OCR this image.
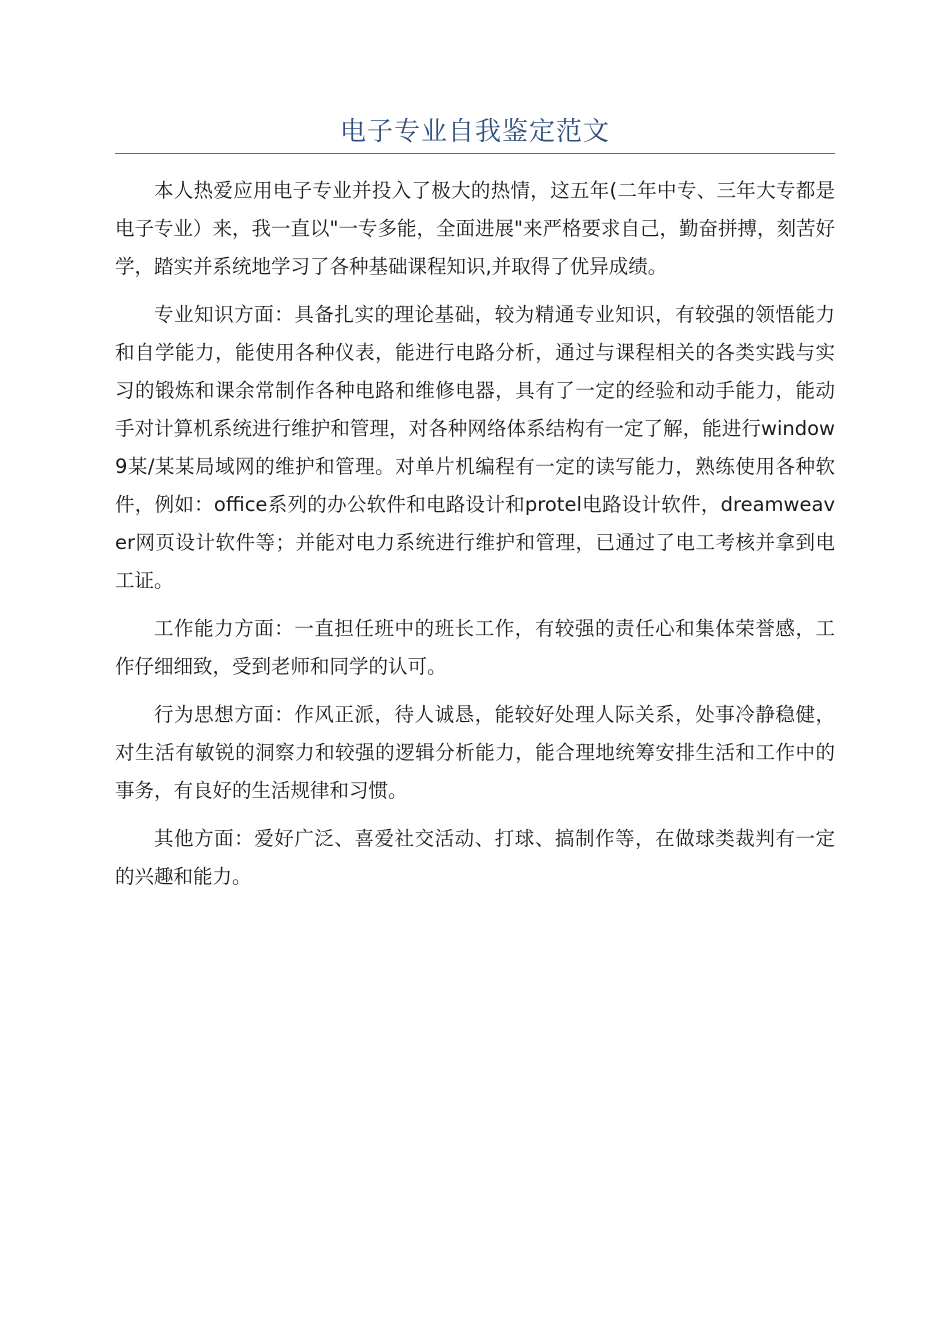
电子专业自我鉴定范文

本人热爱应用电子专业并投入了极大的热情，这五年(二年中专、三年大专都是电子专业）来，我一直以"一专多能，全面进展"来严格要求自己，勤奋拼搏，刻苦好学，踏实并系统地学习了各种基础课程知识,并取得了优异成绩。

专业知识方面：具备扎实的理论基础，较为精通专业知识，有较强的领悟能力和自学能力，能使用各种仪表，能进行电路分析，通过与课程相关的各类实践与实习的锻炼和课余常制作各种电路和维修电器，具有了一定的经验和动手能力，能动手对计算机系统进行维护和管理，对各种网络体系结构有一定了解，能进行window9某/某某局域网的维护和管理。对单片机编程有一定的读写能力，熟练使用各种软件，例如：office系列的办公软件和电路设计和protel电路设计软件，dreamweaver网页设计软件等；并能对电力系统进行维护和管理，已通过了电工考核并拿到电工证。

工作能力方面：一直担任班中的班长工作，有较强的责任心和集体荣誉感，工作仔细细致，受到老师和同学的认可。

行为思想方面：作风正派，待人诚恳，能较好处理人际关系，处事冷静稳健，对生活有敏锐的洞察力和较强的逻辑分析能力，能合理地统筹安排生活和工作中的事务，有良好的生活规律和习惯。

其他方面：爱好广泛、喜爱社交活动、打球、搞制作等，在做球类裁判有一定的兴趣和能力。
